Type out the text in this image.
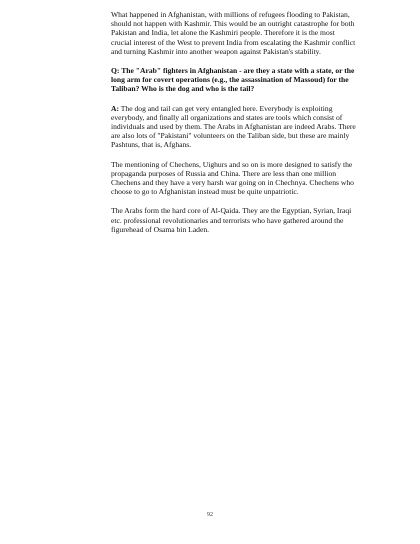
What happened in Afghanistan, with millions of refugees flooding to Pakistan, should not happen with Kashmir. This would be an outright catastrophe for both Pakistan and India, let alone the Kashmiri people. Therefore it is the most crucial interest of the West to prevent India from escalating the Kashmir conflict and turning Kashmir into another weapon against Pakistan's stability.

Q: The "Arab" fighters in Afghanistan - are they a state with a state, or the long arm for covert operations (e.g., the assassination of Massoud) for the Taliban? Who is the dog and who is the tail?

A: The dog and tail can get very entangled here. Everybody is exploiting everybody, and finally all organizations and states are tools which consist of individuals and used by them. The Arabs in Afghanistan are indeed Arabs. There are also lots of "Pakistani" volunteers on the Taliban side, but these are mainly Pashtuns, that is, Afghans.

The mentioning of Chechens, Uighurs and so on is more designed to satisfy the propaganda purposes of Russia and China. There are less than one million Chechens and they have a very harsh war going on in Chechnya. Chechens who choose to go to Afghanistan instead must be quite unpatriotic.

The Arabs form the hard core of Al-Qaida. They are the Egyptian, Syrian, Iraqi etc. professional revolutionaries and terrorists who have gathered around the figurehead of Osama bin Laden.

92
